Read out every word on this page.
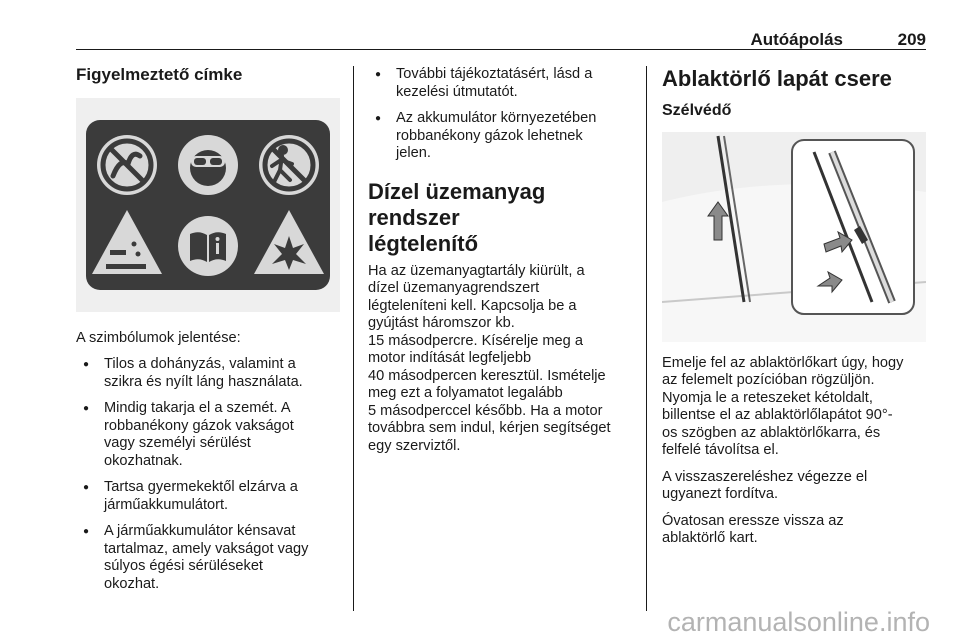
Autóápolás	209
Figyelmeztető címke

A szimbólumok jelentése:

● Tilos a dohányzás, valamint a
szikra és nyílt láng használata.
● Mindig takarja el a szemét. A
robbanékony gázok vakságot
vagy személyi sérülést
okozhatnak.
● Tartsa gyermekektől elzárva a
járműakkumulátort.
● A járműakkumulátor kénsavat
tartalmaz, amely vakságot vagy
súlyos égési sérüléseket
okozhat.
● További tájékoztatásért, lásd a
kezelési útmutatót.
● Az akkumulátor környezetében
robbanékony gázok lehetnek
jelen.
Dízel üzemanyag rendszer
légtelenítő

Ha az üzemanyagtartály kiürült, a
dízel üzemanyagrendszert
légteleníteni kell. Kapcsolja be a
gyújtást háromszor kb.
15 másodpercre. Kísérelje meg a
motor indítását legfeljebb
40 másodpercen keresztül. Ismételje
meg ezt a folyamatot legalább
5 másodperccel később. Ha a motor
továbbra sem indul, kérjen segítséget
egy szerviztől.

Ablaktörlő lapát csere
Szélvédő

Emelje fel az ablaktörlőkart úgy, hogy
az felemelt pozícióban rögzüljön.
Nyomja le a reteszeket kétoldalt,
billentse el az ablaktörlőlapátot 90°-
os szögben az ablaktörlőkarra, és
felfelé távolítsa el.

A visszaszereléshez végezze el
ugyanezt fordítva.

Óvatosan eressze vissza az
ablaktörlő kart.

carmanualsonline.info
